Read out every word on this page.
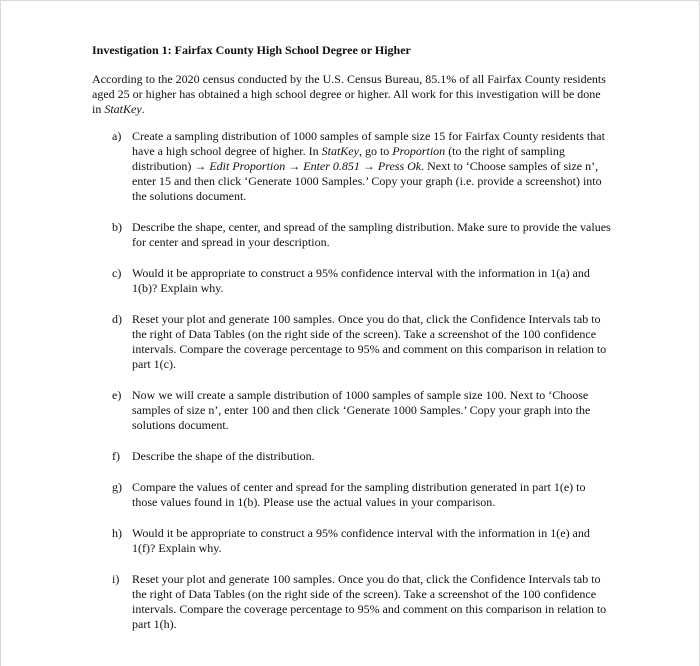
Investigation 1: Fairfax County High School Degree or Higher

According to the 2020 census conducted by the U.S. Census Bureau, 85.1% of all Fairfax County residents aged 25 or higher has obtained a high school degree or higher. All work for this investigation will be done in StatKey.

a) Create a sampling distribution of 1000 samples of sample size 15 for Fairfax County residents that have a high school degree of higher. In StatKey, go to Proportion (to the right of sampling distribution) → Edit Proportion → Enter 0.851 → Press Ok. Next to ‘Choose samples of size n’, enter 15 and then click ‘Generate 1000 Samples.’ Copy your graph (i.e. provide a screenshot) into the solutions document.
b) Describe the shape, center, and spread of the sampling distribution. Make sure to provide the values for center and spread in your description.
c) Would it be appropriate to construct a 95% confidence interval with the information in 1(a) and 1(b)? Explain why.
d) Reset your plot and generate 100 samples. Once you do that, click the Confidence Intervals tab to the right of Data Tables (on the right side of the screen). Take a screenshot of the 100 confidence intervals. Compare the coverage percentage to 95% and comment on this comparison in relation to part 1(c).
e) Now we will create a sample distribution of 1000 samples of sample size 100. Next to ‘Choose samples of size n’, enter 100 and then click ‘Generate 1000 Samples.’ Copy your graph into the solutions document.
f) Describe the shape of the distribution.
g) Compare the values of center and spread for the sampling distribution generated in part 1(e) to those values found in 1(b). Please use the actual values in your comparison.
h) Would it be appropriate to construct a 95% confidence interval with the information in 1(e) and 1(f)? Explain why.
i) Reset your plot and generate 100 samples. Once you do that, click the Confidence Intervals tab to the right of Data Tables (on the right side of the screen). Take a screenshot of the 100 confidence intervals. Compare the coverage percentage to 95% and comment on this comparison in relation to part 1(h).
